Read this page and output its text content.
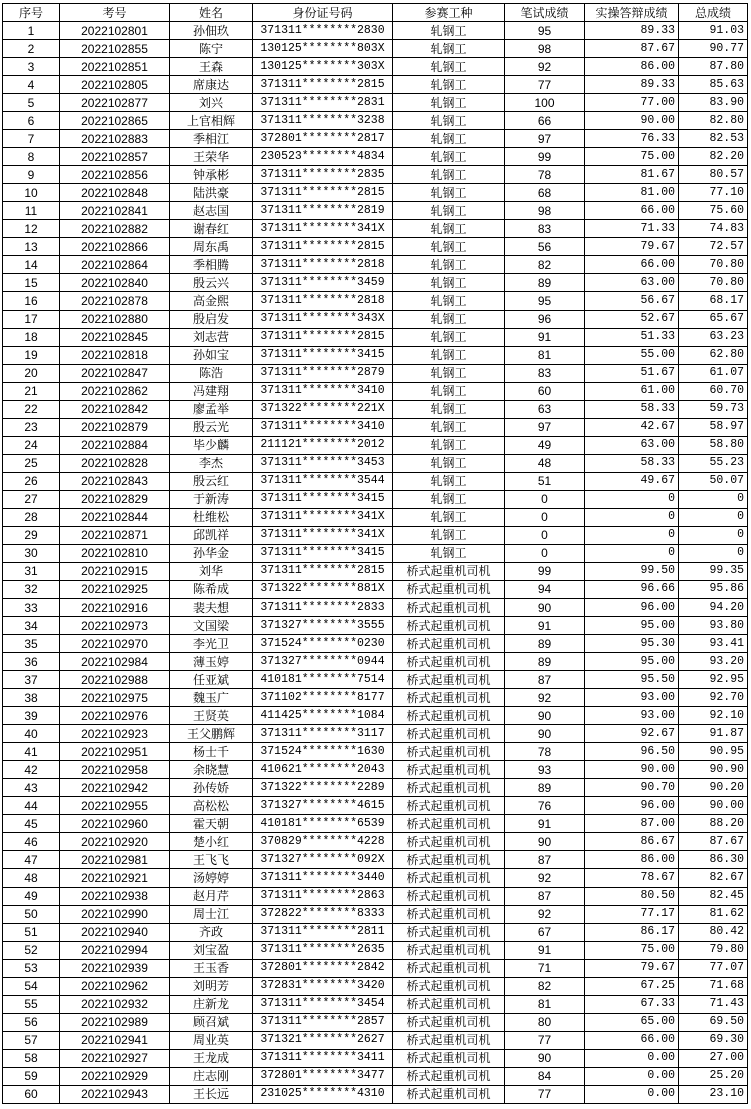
序号	考号	姓名	身份证号码	参赛工种	笔试成绩	实操答辩成绩	总成绩
1	2022102801	孙佃玖	371311********2830	轧钢工	95	89.33	91.03
2	2022102855	陈宁	130125********803X	轧钢工	98	87.67	90.77
3	2022102851	王森	130125********303X	轧钢工	92	86.00	87.80
4	2022102805	席康达	371311********2815	轧钢工	77	89.33	85.63
5	2022102877	刘兴	371311********2831	轧钢工	100	77.00	83.90
6	2022102865	上官相辉	371311********3238	轧钢工	66	90.00	82.80
7	2022102883	季相江	372801********2817	轧钢工	97	76.33	82.53
8	2022102857	王荣华	230523********4834	轧钢工	99	75.00	82.20
9	2022102856	钟承彬	371311********2835	轧钢工	78	81.67	80.57
10	2022102848	陆洪豪	371311********2815	轧钢工	68	81.00	77.10
11	2022102841	赵志国	371311********2819	轧钢工	98	66.00	75.60
12	2022102882	谢春红	371311********341X	轧钢工	83	71.33	74.83
13	2022102866	周东禹	371311********2815	轧钢工	56	79.67	72.57
14	2022102864	季相腾	371311********2818	轧钢工	82	66.00	70.80
15	2022102840	殷云兴	371311********3459	轧钢工	89	63.00	70.80
16	2022102878	高金熙	371311********2818	轧钢工	95	56.67	68.17
17	2022102880	殷启发	371311********343X	轧钢工	96	52.67	65.67
18	2022102845	刘志营	371311********2815	轧钢工	91	51.33	63.23
19	2022102818	孙如宝	371311********3415	轧钢工	81	55.00	62.80
20	2022102847	陈浩	371311********2879	轧钢工	83	51.67	61.07
21	2022102862	冯建翔	371311********3410	轧钢工	60	61.00	60.70
22	2022102842	廖孟举	371322********221X	轧钢工	63	58.33	59.73
23	2022102879	殷云光	371311********3410	轧钢工	97	42.67	58.97
24	2022102884	毕少麟	211121********2012	轧钢工	49	63.00	58.80
25	2022102828	李杰	371311********3453	轧钢工	48	58.33	55.23
26	2022102843	殷云红	371311********3544	轧钢工	51	49.67	50.07
27	2022102829	于新涛	371311********3415	轧钢工	0	0	0
28	2022102844	杜维松	371311********341X	轧钢工	0	0	0
29	2022102871	邱凯祥	371311********341X	轧钢工	0	0	0
30	2022102810	孙华金	371311********3415	轧钢工	0	0	0
31	2022102915	刘华	371311********2815	桥式起重机司机	99	99.50	99.35
32	2022102925	陈希成	371322********881X	桥式起重机司机	94	96.66	95.86
33	2022102916	裴夫想	371311********2833	桥式起重机司机	90	96.00	94.20
34	2022102973	文国梁	371327********3555	桥式起重机司机	91	95.00	93.80
35	2022102970	李光卫	371524********0230	桥式起重机司机	89	95.30	93.41
36	2022102984	薄玉婷	371327********0944	桥式起重机司机	89	95.00	93.20
37	2022102988	任亚斌	410181********7514	桥式起重机司机	87	95.50	92.95
38	2022102975	魏玉广	371102********8177	桥式起重机司机	92	93.00	92.70
39	2022102976	王贤英	411425********1084	桥式起重机司机	90	93.00	92.10
40	2022102923	王父鹏辉	371311********3117	桥式起重机司机	90	92.67	91.87
41	2022102951	杨士千	371524********1630	桥式起重机司机	78	96.50	90.95
42	2022102958	余晓慧	410621********2043	桥式起重机司机	93	90.00	90.90
43	2022102942	孙传娇	371322********2289	桥式起重机司机	89	90.70	90.20
44	2022102955	高松松	371327********4615	桥式起重机司机	76	96.00	90.00
45	2022102960	霍天朝	410181********6539	桥式起重机司机	91	87.00	88.20
46	2022102920	楚小红	370829********4228	桥式起重机司机	90	86.67	87.67
47	2022102981	王飞飞	371327********092X	桥式起重机司机	87	86.00	86.30
48	2022102921	汤婷婷	371311********3440	桥式起重机司机	92	78.67	82.67
49	2022102938	赵月芹	371311********2863	桥式起重机司机	87	80.50	82.45
50	2022102990	周士江	372822********8333	桥式起重机司机	92	77.17	81.62
51	2022102940	齐政	371311********2811	桥式起重机司机	67	86.17	80.42
52	2022102994	刘宝盈	371311********2635	桥式起重机司机	91	75.00	79.80
53	2022102939	王玉香	372801********2842	桥式起重机司机	71	79.67	77.07
54	2022102962	刘明芳	372831********3420	桥式起重机司机	82	67.25	71.68
55	2022102932	庄新龙	371311********3454	桥式起重机司机	81	67.33	71.43
56	2022102989	顾召斌	371311********2857	桥式起重机司机	80	65.00	69.50
57	2022102941	周业英	371321********2627	桥式起重机司机	77	66.00	69.30
58	2022102927	王龙成	371311********3411	桥式起重机司机	90	0.00	27.00
59	2022102929	庄志刚	372801********3477	桥式起重机司机	84	0.00	25.20
60	2022102943	王长远	231025********4310	桥式起重机司机	77	0.00	23.10
